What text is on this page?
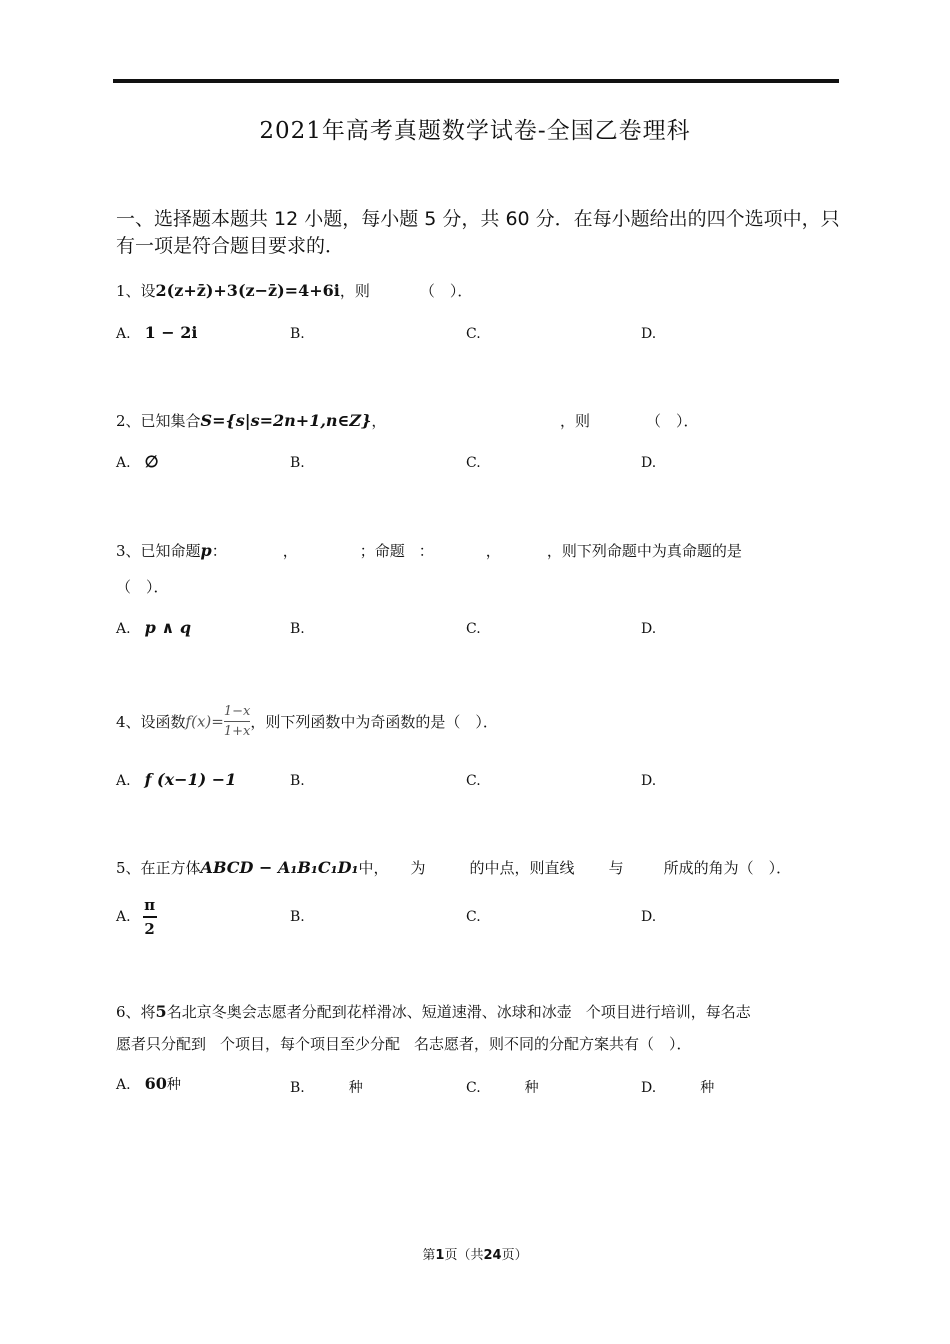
2021年高考真题数学试卷-全国乙卷理科
一、选择题本题共 12 小题，每小题 5 分，共 60 分．在每小题给出的四个选项中，只有一项是符合题目要求的．
1、设2(z+z̄)+3(z−z̄)=4+6i，则	（　）．
A. 1 − 2i	B.	C.	D.
2、已知集合S={s|s=2n+1,n∈Z}，	，则	（　）．
A. ∅	B.	C.	D.
3、已知命题p：	，	；命题 ：	，	，则下列命题中为真命题的是
（　）．
A. p ∧ q	B.	C.	D.
4、设函数$f(x)= \frac{1-x}{1+x}$ ，则下列函数中为奇函数的是（　）．
A. f (x−1) −1	B.	C.	D.
5、在正方体ABCD − A₁B₁C₁D₁中， 为	的中点，则直线 与	所成的角为（　）．
A. $\frac{\pi}{2}$	B.	C.	D.
6、将5名北京冬奥会志愿者分配到花样滑冰、短道速滑、冰球和冰壶 个项目进行培训，每名志
愿者只分配到 个项目，每个项目至少分配 名志愿者，则不同的分配方案共有（　）．
A. 60种	B.	种	C.	种	D.	种
第1页（共24页）
